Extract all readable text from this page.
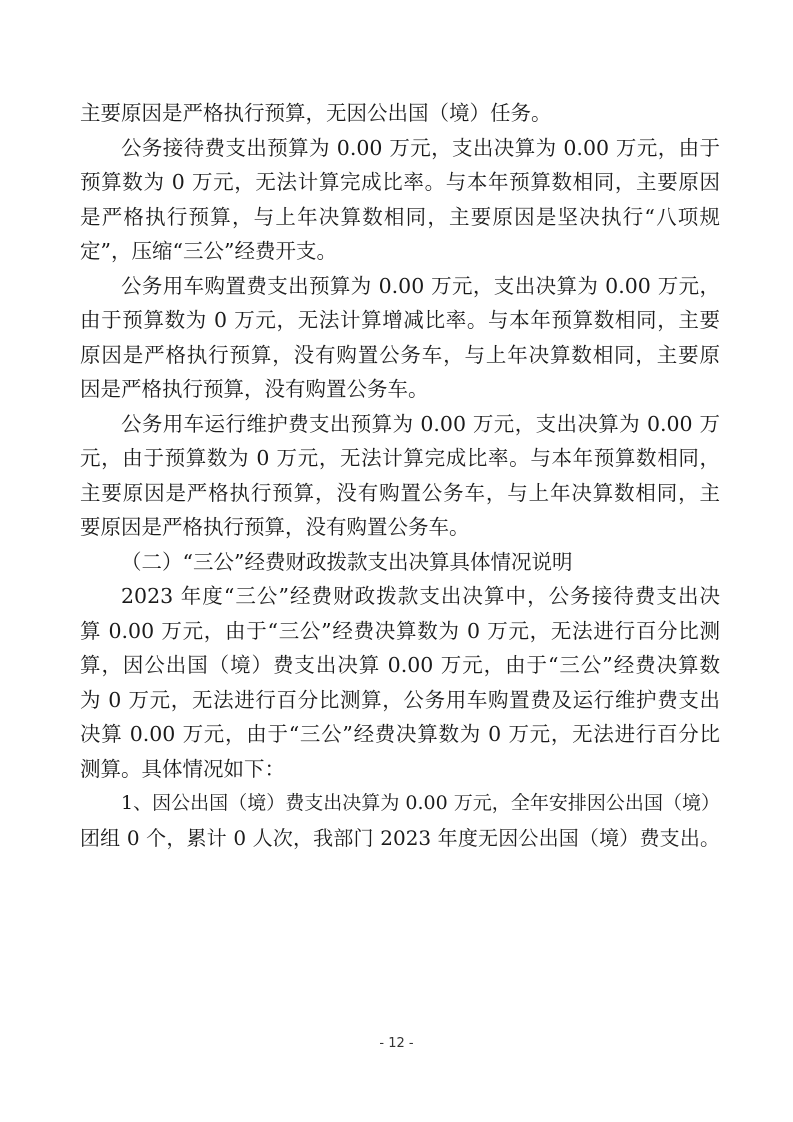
主要原因是严格执行预算，无因公出国（境）任务。
公务接待费支出预算为 0.00 万元，支出决算为 0.00 万元，由于
预算数为 0 万元，无法计算完成比率。与本年预算数相同，主要原因
是严格执行预算，与上年决算数相同，主要原因是坚决执行“八项规
定”，压缩“三公”经费开支。
公务用车购置费支出预算为 0.00 万元，支出决算为 0.00 万元，
由于预算数为 0 万元，无法计算增减比率。与本年预算数相同，主要
原因是严格执行预算，没有购置公务车，与上年决算数相同，主要原
因是严格执行预算，没有购置公务车。
公务用车运行维护费支出预算为 0.00 万元，支出决算为 0.00 万
元，由于预算数为 0 万元，无法计算完成比率。与本年预算数相同，
主要原因是严格执行预算，没有购置公务车，与上年决算数相同，主
要原因是严格执行预算，没有购置公务车。
（二）“三公”经费财政拨款支出决算具体情况说明
2023 年度“三公”经费财政拨款支出决算中，公务接待费支出决
算 0.00 万元，由于“三公”经费决算数为 0 万元，无法进行百分比测
算，因公出国（境）费支出决算 0.00 万元，由于“三公”经费决算数
为 0 万元，无法进行百分比测算，公务用车购置费及运行维护费支出
决算 0.00 万元，由于“三公”经费决算数为 0 万元，无法进行百分比
测算。具体情况如下：
1、因公出国（境）费支出决算为 0.00 万元，全年安排因公出国（境）
团组 0 个，累计 0 人次，我部门 2023 年度无因公出国（境）费支出。
- 12 -
